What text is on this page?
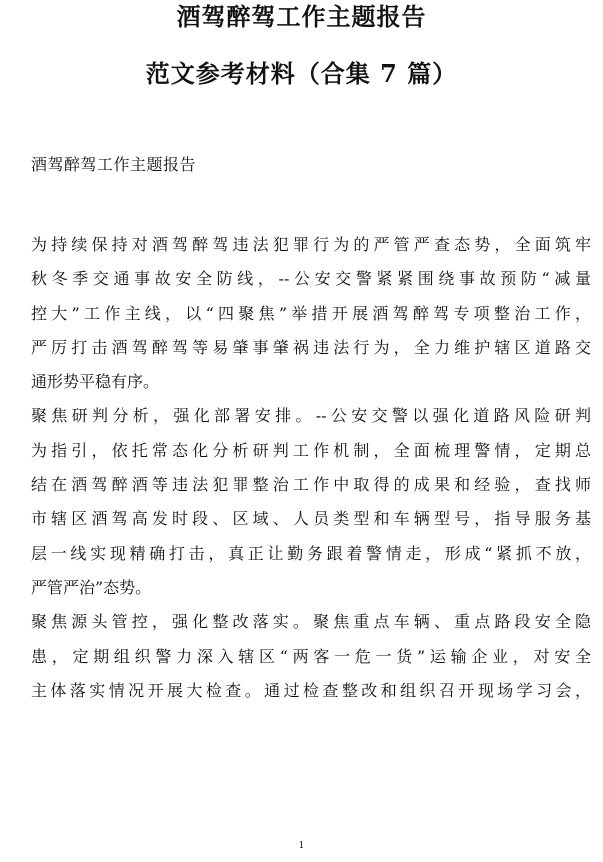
酒驾醉驾工作主题报告
范文参考材料（合集 7 篇）
酒驾醉驾工作主题报告
为持续保持对酒驾醉驾违法犯罪行为的严管严查态势，全面筑牢
秋冬季交通事故安全防线，--公安交警紧紧围绕事故预防“减量
控大”工作主线，以“四聚焦”举措开展酒驾醉驾专项整治工作，
严厉打击酒驾醉驾等易肇事肇祸违法行为，全力维护辖区道路交
通形势平稳有序。
聚焦研判分析，强化部署安排。--公安交警以强化道路风险研判
为指引，依托常态化分析研判工作机制，全面梳理警情，定期总
结在酒驾醉酒等违法犯罪整治工作中取得的成果和经验，查找师
市辖区酒驾高发时段、区域、人员类型和车辆型号，指导服务基
层一线实现精确打击，真正让勤务跟着警情走，形成“紧抓不放，
严管严治”态势。
聚焦源头管控，强化整改落实。聚焦重点车辆、重点路段安全隐
患，定期组织警力深入辖区“两客一危一货”运输企业，对安全
主体落实情况开展大检查。通过检查整改和组织召开现场学习会，
1
